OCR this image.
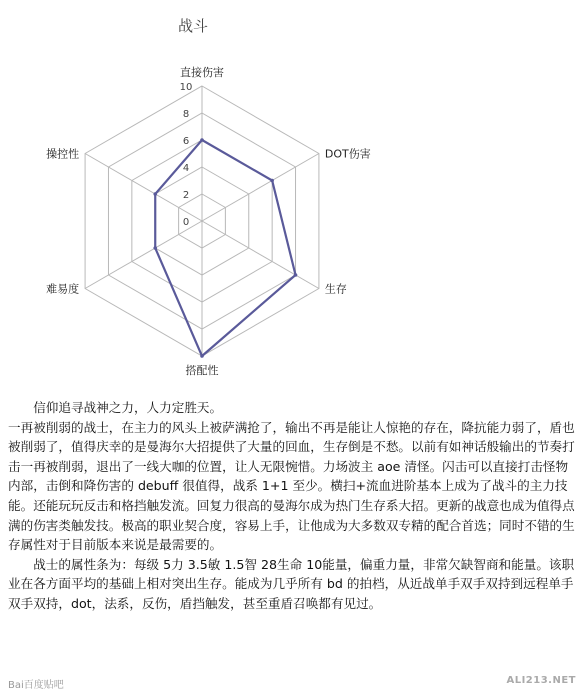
战斗
0
2
4
6
8
10
直接伤害
DOT伤害
生存
搭配性
难易度
操控性

信仰追寻战神之力，人力定胜天。

一再被削弱的战士，在主力的风头上被萨满抢了，输出不再是能让人惊艳的存在，降抗能力弱了，盾也被削弱了，值得庆幸的是曼海尔大招提供了大量的回血，生存倒是不愁。以前有如神话般输出的节奏打击一再被削弱，退出了一线大咖的位置，让人无限惋惜。力场波主 aoe 清怪。闪击可以直接打击怪物内部，击倒和降伤害的 debuff 很值得，战系 1+1 至少。横扫+流血进阶基本上成为了战斗的主力技能。还能玩玩反击和格挡触发流。回复力很高的曼海尔成为热门生存系大招。更新的战意也成为值得点满的伤害类触发技。极高的职业契合度，容易上手，让他成为大多数双专精的配合首选；同时不错的生存属性对于目前版本来说是最需要的。

战士的属性条为：每级 5力 3.5敏 1.5智 28生命 10能量，偏重力量，非常欠缺智商和能量。该职业在各方面平均的基础上相对突出生存。能成为几乎所有 bd 的拍档，从近战单手双手双持到远程单手双手双持，dot，法系，反伤，盾挡触发，甚至重盾召唤都有见过。

Bai百度贴吧	ALI213.NET
